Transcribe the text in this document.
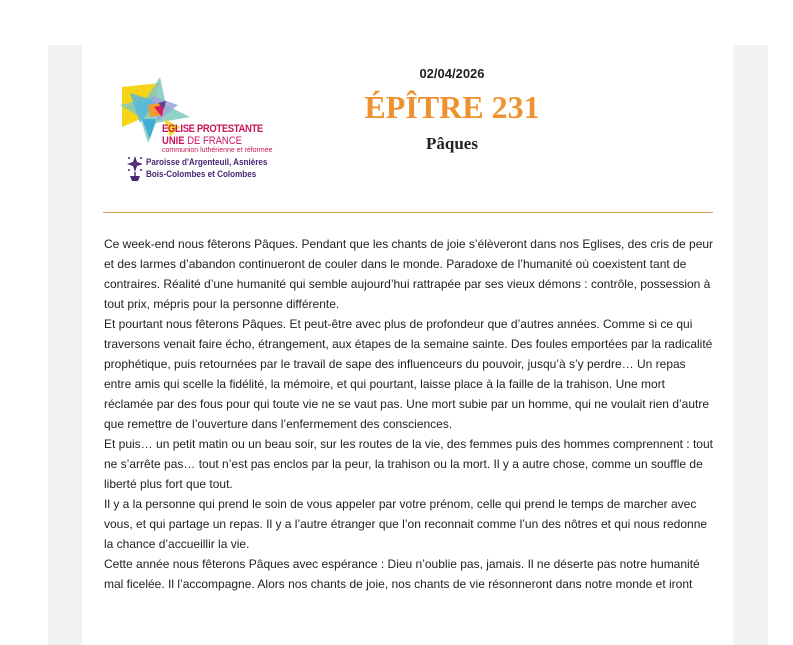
EGLISE PROTESTANTE
UNIE DE FRANCE
communion luthérienne et réformée
Paroisse d'Argenteuil, Asnières
Bois-Colombes et Colombes
02/04/2026
ÉPÎTRE 231
Pâques

Ce week-end nous fêterons Pâques. Pendant que les chants de joie s’élèveront dans nos Eglises, des cris de peur et des larmes d’abandon continueront de couler dans le monde. Paradoxe de l’humanité où coexistent tant de contraires. Réalité d’une humanité qui semble aujourd’hui rattrapée par ses vieux démons : contrôle, possession à tout prix, mépris pour la personne différente.

Et pourtant nous fêterons Pâques. Et peut-être avec plus de profondeur que d’autres années. Comme si ce qui traversons venait faire écho, étrangement, aux étapes de la semaine sainte. Des foules emportées par la radicalité prophétique, puis retournées par le travail de sape des influenceurs du pouvoir, jusqu’à s’y perdre… Un repas entre amis qui scelle la fidélité, la mémoire, et qui pourtant, laisse place à la faille de la trahison. Une mort réclamée par des fous pour qui toute vie ne se vaut pas. Une mort subie par un homme, qui ne voulait rien d’autre que remettre de l’ouverture dans l’enfermement des consciences.

Et puis… un petit matin ou un beau soir, sur les routes de la vie, des femmes puis des hommes comprennent : tout ne s’arrête pas… tout n’est pas enclos par la peur, la trahison ou la mort. Il y a autre chose, comme un souffle de liberté plus fort que tout.

Il y a la personne qui prend le soin de vous appeler par votre prénom, celle qui prend le temps de marcher avec vous, et qui partage un repas. Il y a l’autre étranger que l’on reconnait comme l’un des nôtres et qui nous redonne la chance d’accueillir la vie.

Cette année nous fêterons Pâques avec espérance : Dieu n’oublie pas, jamais. Il ne déserte pas notre humanité mal ficelée. Il l’accompagne. Alors nos chants de joie, nos chants de vie résonneront dans notre monde et iront
